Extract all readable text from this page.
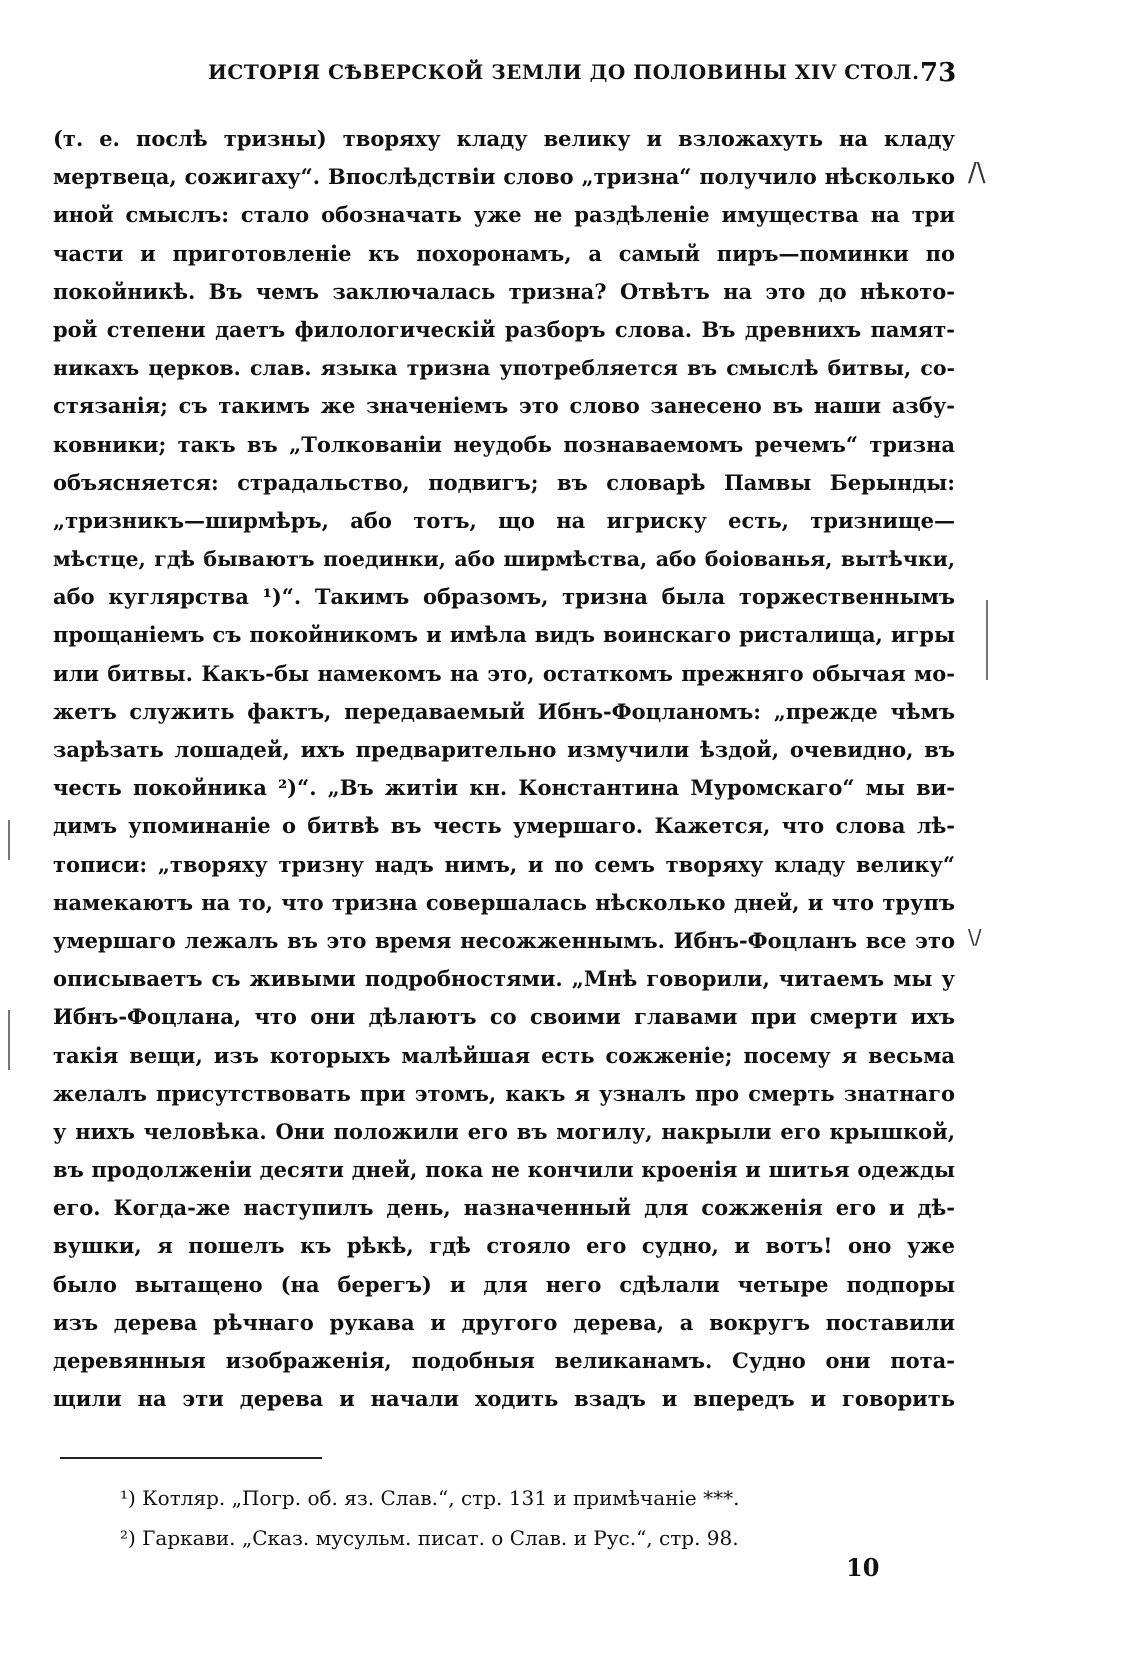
ИСТОРІЯ СѢВЕРСКОЙ ЗЕМЛИ ДО ПОЛОВИНЫ XIV СТОЛ. 73
(т. е. послѣ тризны) творяху кладу велику и взложахуть на кладу
мертвеца, сожигаху“. Впослѣдствіи слово „тризна“ получило нѣсколько
иной смыслъ: стало обозначать уже не раздѣленіе имущества на три
части и приготовленіе къ похоронамъ, а самый пиръ—поминки по
покойникѣ. Въ чемъ заключалась тризна? Отвѣтъ на это до нѣкото-
рой степени даетъ филологическій разборъ слова. Въ древнихъ памят-
никахъ церков. слав. языка тризна употребляется въ смыслѣ битвы, со-
стязанія; съ такимъ же значеніемъ это слово занесено въ наши азбу-
ковники; такъ въ „Толкованіи неудобь познаваемомъ речемъ“ тризна
объясняется: страдальство, подвигъ; въ словарѣ Памвы Берынды:
„тризникъ—ширмѣръ, або тотъ, що на игриску есть, тризнище—
мѣстце, гдѣ бываютъ поединки, або ширмѣства, або боіованья, вытѣчки,
або куглярства ¹)“. Такимъ образомъ, тризна была торжественнымъ
прощаніемъ съ покойникомъ и имѣла видъ воинскаго ристалища, игры
или битвы. Какъ-бы намекомъ на это, остаткомъ прежняго обычая мо-
жетъ служить фактъ, передаваемый Ибнъ-Фоцланомъ: „прежде чѣмъ
зарѣзать лошадей, ихъ предварительно измучили ѣздой, очевидно, въ
честь покойника ²)“. „Въ житіи кн. Константина Муромскаго“ мы ви-
димъ упоминаніе о битвѣ въ честь умершаго. Кажется, что слова лѣ-
тописи: „творяху тризну надъ нимъ, и по семъ творяху кладу велику“
намекаютъ на то, что тризна совершалась нѣсколько дней, и что трупъ
умершаго лежалъ въ это время несожженнымъ. Ибнъ-Фоцланъ все это
описываетъ съ живыми подробностями. „Мнѣ говорили, читаемъ мы у
Ибнъ-Фоцлана, что они дѣлаютъ со своими главами при смерти ихъ
такія вещи, изъ которыхъ малѣйшая есть сожженіе; посему я весьма
желалъ присутствовать при этомъ, какъ я узналъ про смерть знатнаго
у нихъ человѣка. Они положили его въ могилу, накрыли его крышкой,
въ продолженіи десяти дней, пока не кончили кроенія и шитья одежды
его. Когда-же наступилъ день, назначенный для сожженія его и дѣ-
вушки, я пошелъ къ рѣкѣ, гдѣ стояло его судно, и вотъ! оно уже
было вытащено (на берегъ) и для него сдѣлали четыре подпоры
изъ дерева рѣчнаго рукава и другого дерева, а вокругъ поставили
деревянныя изображенія, подобныя великанамъ. Судно они пота-
щили на эти дерева и начали ходить взадъ и впередъ и говорить
/\
\/
¹) Котляр. „Погр. об. яз. Слав.“, стр. 131 и примѣчаніе ***.
²) Гаркави. „Сказ. мусульм. писат. о Слав. и Рус.“, стр. 98.
10
